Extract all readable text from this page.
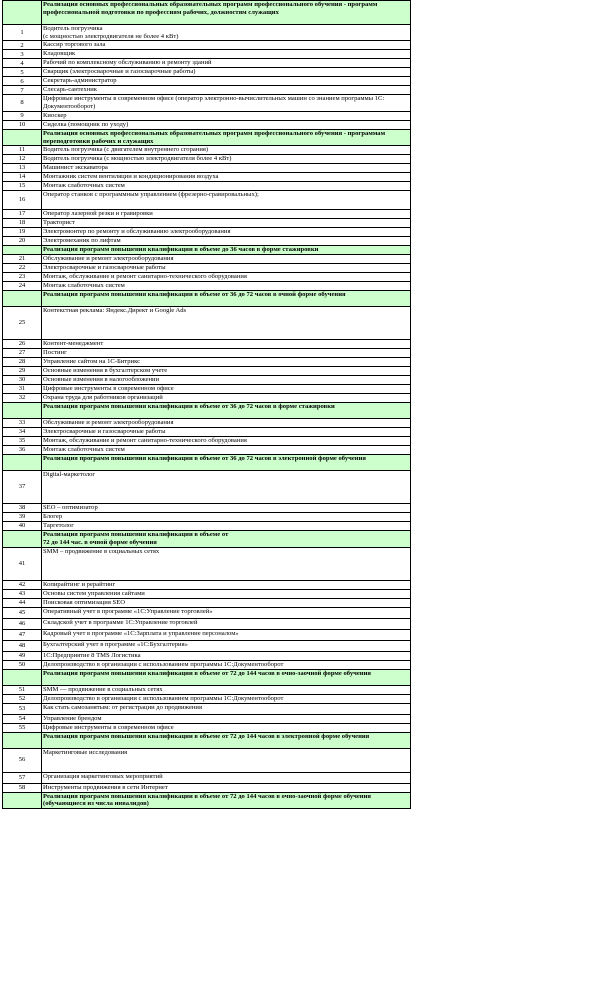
	Реализация основных профессиональных образовательных программ профессионального обучения - программ профессиональной подготовки по профессиям рабочих, должностям служащих
1	Водитель погрузчика
(с мощностью электродвигателя не более 4 кВт)
2	Кассир торгового зала
3	Кладовщик
4	Рабочий по комплексному обслуживанию и ремонту зданий
5	Сварщик (электросварочные и газосварочные работы)
6	Секретарь-администратор
7	Слесарь-сантехник
8	Цифровые инструменты в современном офисе (оператор электронно-вычислительных машин со знанием программы 1С: Документооборот)
9	Киоскер
10	Сиделка (помощник по уходу)
	Реализация основных профессиональных образовательных программ профессионального обучения - программам переподготовки рабочих и служащих
11	Водитель погрузчика (с двигателем внутреннего сгорания)
12	Водитель погрузчика (с мощностью электродвигателя более 4 кВт)
13	Машинист экскаватора
14	Монтажник систем вентиляции и кондиционирования воздуха
15	Монтаж слаботочных систем
16	Оператор станков с программным управлением (фрезерно-гравировальных);
17	Оператор лазерной резки и гравировки
18	Тракторист
19	Электромонтер по ремонту и обслуживанию электрооборудования
20	Электромеханик по лифтам
	Реализация программ повышения квалификации в объеме до 36 часов в форме стажировки
21	Обслуживание и ремонт электрооборудования
22	Электросварочные и газосварочные работы
23	Монтаж, обслуживание и ремонт санитарно-технического оборудования
24	Монтаж слаботочных систем
	Реализация программ повышения квалификации в объеме от 36 до 72 часов в очной форме обучения
25	Контекстная реклама: Яндекс.Директ и Google Ads
26	Контент-менеджмент
27	Постинг
28	Управление сайтом на 1С-Битрикс
29	Основные изменения в бухгалтерском учете
30	Основные изменения в налогообложении
31	Цифровые инструменты в современном офисе
32	Охрана труда для работников организаций
	Реализация программ повышения квалификации в объеме от 36 до 72 часов в форме стажировки
33	Обслуживание и ремонт электрооборудования
34	Электросварочные и газосварочные работы
35	Монтаж, обслуживание и ремонт санитарно-технического оборудования
36	Монтаж слаботочных систем
	Реализация программ повышения квалификации в объеме от 36 до 72 часов в электронной форме обучения
37	Digital-маркетолог
38	SEO – оптимизатор
39	Блогер
40	Таргетолог
	Реализация программ повышения квалификации в объеме от
72 до 144 час. в очной форме обучения
41	SMM – продвижение в социальных сетях
42	Копирайтинг и рерайтинг
43	Основы систем управления сайтами
44	Поисковая оптимизация SEO
45	Оперативный учет в программе «1С:Управление торговлей»
46	Складской учет в программе 1С:Управление торговлей
47	Кадровый учет в программе «1С:Зарплата и управление персоналом»
48	Бухгалтерский учет в программе «1С:Бухгалтерия»
49	1С:Предприятие 8 TMS Логистика
50	Делопроизводство в организации с использованием программы 1С:Документооборот
	Реализация программ повышения квалификации в объеме от 72 до 144 часов в очно-заочной форме обучения
51	SMM — продвижение в социальных сетях
52	Делопроизводство в организации с использованием программы 1С:Документооборот
53	Как стать самозанятым: от регистрации до продвижения
54	Управление брендом
55	Цифровые инструменты в современном офисе
	Реализация программ повышения квалификации в объеме от 72 до 144 часов в электронной форме обучения
56	Маркетинговые исследования
57	Организация маркетинговых мероприятий
58	Инструменты продвижения в сети Интернет
	Реализация программ повышения квалификации в объеме от 72 до 144 часов в очно-заочной форме обучения (обучающиеся из числа инвалидов)
